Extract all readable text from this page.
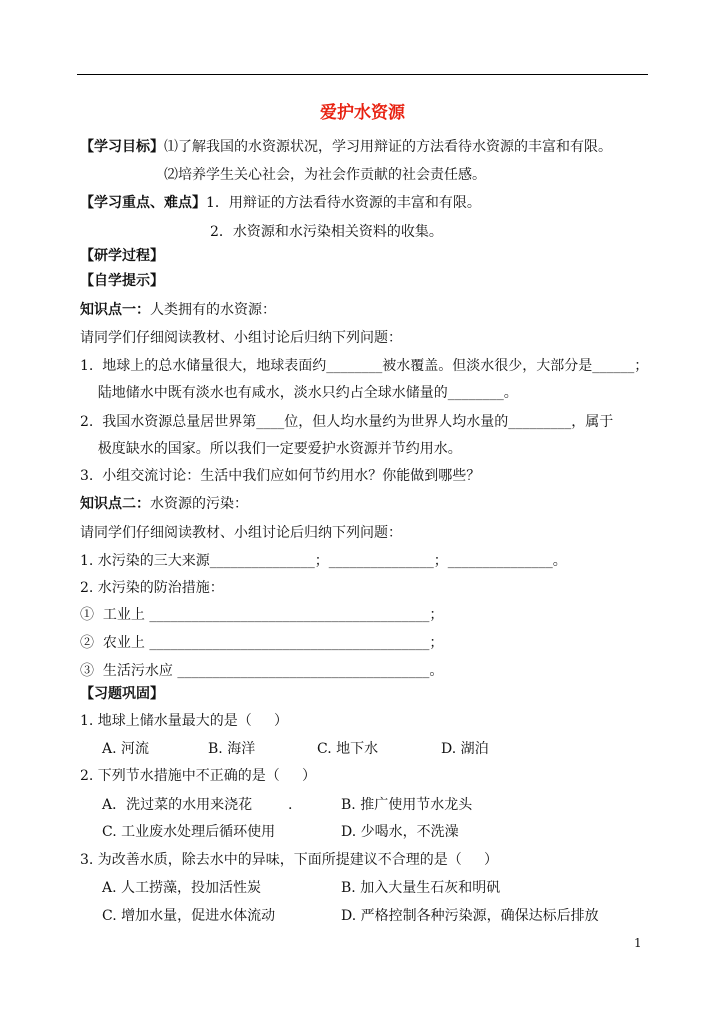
爱护水资源
【学习目标】⑴了解我国的水资源状况，学习用辩证的方法看待水资源的丰富和有限。
⑵培养学生关心社会，为社会作贡献的社会责任感。
【学习重点、难点】1．用辩证的方法看待水资源的丰富和有限。
2．水资源和水污染相关资料的收集。
【研学过程】
【自学提示】
知识点一：人类拥有的水资源：
请同学们仔细阅读教材、小组讨论后归纳下列问题：
1.  地球上的总水储量很大，地球表面约________被水覆盖。但淡水很少，大部分是______；
陆地储水中既有淡水也有咸水，淡水只约占全球水储量的________。
2.  我国水资源总量居世界第____位，但人均水量约为世界人均水量的_________，属于
极度缺水的国家。所以我们一定要爱护水资源并节约用水。
3.  小组交流讨论：生活中我们应如何节约用水？你能做到哪些？
知识点二：水资源的污染：
请同学们仔细阅读教材、小组讨论后归纳下列问题：
1. 水污染的三大来源_______________；_______________；_______________。
2. 水污染的防治措施：
①  工业上 ________________________________________；
②  农业上 ________________________________________；
③  生活污水应 ____________________________________。
【习题巩固】
1. 地球上储水量最大的是（     ）
A. 河流	B. 海洋	C. 地下水	D. 湖泊
2. 下列节水措施中不正确的是（     ）
A．洗过菜的水用来浇花	.	B. 推广使用节水龙头
C. 工业废水处理后循环使用	D. 少喝水，不洗澡
3. 为改善水质，除去水中的异味，下面所提建议不合理的是（     ）
A. 人工捞藻，投加活性炭	B. 加入大量生石灰和明矾
C. 增加水量，促进水体流动	D. 严格控制各种污染源，确保达标后排放
1
